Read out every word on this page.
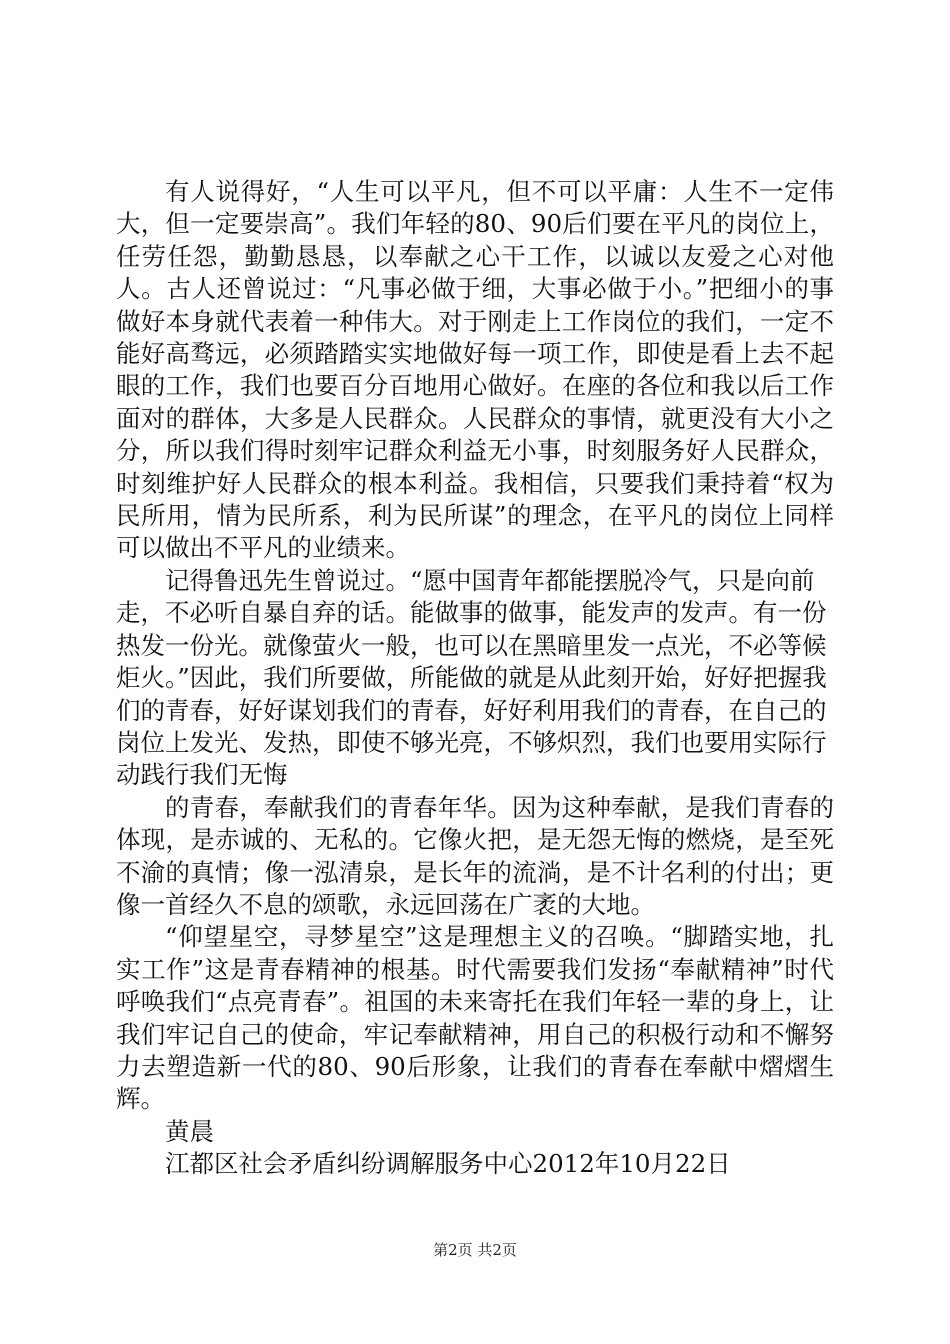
有人说得好，“人生可以平凡，但不可以平庸：人生不一定伟大，但一定要崇高”。我们年轻的80、90后们要在平凡的岗位上，任劳任怨，勤勤恳恳，以奉献之心干工作，以诚以友爱之心对他人。古人还曾说过：“凡事必做于细，大事必做于小。”把细小的事做好本身就代表着一种伟大。对于刚走上工作岗位的我们，一定不能好高骛远，必须踏踏实实地做好每一项工作，即使是看上去不起眼的工作，我们也要百分百地用心做好。在座的各位和我以后工作面对的群体，大多是人民群众。人民群众的事情，就更没有大小之分，所以我们得时刻牢记群众利益无小事，时刻服务好人民群众，时刻维护好人民群众的根本利益。我相信，只要我们秉持着“权为民所用，情为民所系，利为民所谋”的理念，在平凡的岗位上同样可以做出不平凡的业绩来。

记得鲁迅先生曾说过。“愿中国青年都能摆脱冷气，只是向前走，不必听自暴自弃的话。能做事的做事，能发声的发声。有一份热发一份光。就像萤火一般，也可以在黑暗里发一点光，不必等候炬火。”因此，我们所要做，所能做的就是从此刻开始，好好把握我们的青春，好好谋划我们的青春，好好利用我们的青春，在自己的岗位上发光、发热，即使不够光亮，不够炽烈，我们也要用实际行动践行我们无悔

的青春，奉献我们的青春年华。因为这种奉献，是我们青春的体现，是赤诚的、无私的。它像火把，是无怨无悔的燃烧，是至死不渝的真情；像一泓清泉，是长年的流淌，是不计名利的付出；更像一首经久不息的颂歌，永远回荡在广袤的大地。

“仰望星空，寻梦星空”这是理想主义的召唤。“脚踏实地，扎实工作”这是青春精神的根基。时代需要我们发扬“奉献精神”时代呼唤我们“点亮青春”。祖国的未来寄托在我们年轻一辈的身上，让我们牢记自己的使命，牢记奉献精神，用自己的积极行动和不懈努力去塑造新一代的80、90后形象，让我们的青春在奉献中熠熠生辉。

黄晨

江都区社会矛盾纠纷调解服务中心2012年10月22日

第2页 共2页
